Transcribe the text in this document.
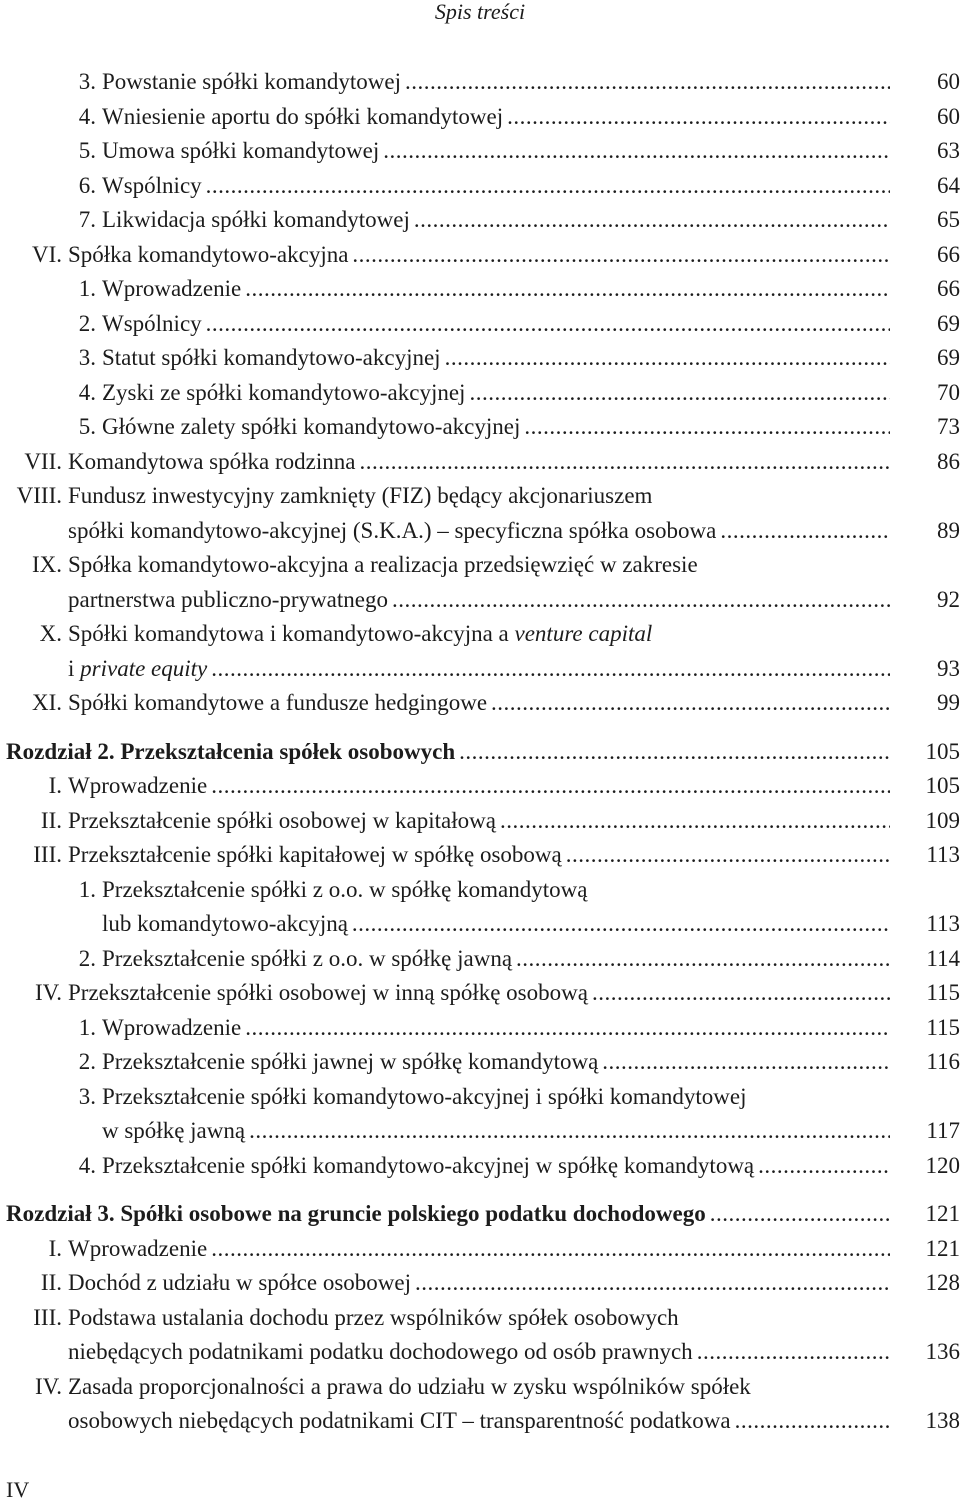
Spis treści
3. Powstanie spółki komandytowej .....	60
4. Wniesienie aportu do spółki komandytowej .....	60
5. Umowa spółki komandytowej .....	63
6. Wspólnicy .....	64
7. Likwidacja spółki komandytowej .....	65
VI. Spółka komandytowo-akcyjna .....	66
1. Wprowadzenie .....	66
2. Wspólnicy .....	69
3. Statut spółki komandytowo-akcyjnej .....	69
4. Zyski ze spółki komandytowo-akcyjnej .....	70
5. Główne zalety spółki komandytowo-akcyjnej .....	73
VII. Komandytowa spółka rodzinna .....	86
VIII. Fundusz inwestycyjny zamknięty (FIZ) będący akcjonariuszem
spółki komandytowo-akcyjnej (S.K.A.) – specyficzna spółka osobowa .....	89
IX. Spółka komandytowo-akcyjna a realizacja przedsięwzięć w zakresie
partnerstwa publiczno-prywatnego .....	92
X. Spółki komandytowa i komandytowo-akcyjna a venture capital
i private equity .....	93
XI. Spółki komandytowe a fundusze hedgingowe .....	99
Rozdział 2. Przekształcenia spółek osobowych .....	105
I. Wprowadzenie .....	105
II. Przekształcenie spółki osobowej w kapitałową .....	109
III. Przekształcenie spółki kapitałowej w spółkę osobową .....	113
1. Przekształcenie spółki z o.o. w spółkę komandytową
lub komandytowo-akcyjną .....	113
2. Przekształcenie spółki z o.o. w spółkę jawną .....	114
IV. Przekształcenie spółki osobowej w inną spółkę osobową .....	115
1. Wprowadzenie .....	115
2. Przekształcenie spółki jawnej w spółkę komandytową .....	116
3. Przekształcenie spółki komandytowo-akcyjnej i spółki komandytowej
w spółkę jawną .....	117
4. Przekształcenie spółki komandytowo-akcyjnej w spółkę komandytową .....	120
Rozdział 3. Spółki osobowe na gruncie polskiego podatku dochodowego .....	121
I. Wprowadzenie .....	121
II. Dochód z udziału w spółce osobowej .....	128
III. Podstawa ustalania dochodu przez wspólników spółek osobowych
niebędących podatnikami podatku dochodowego od osób prawnych .....	136
IV. Zasada proporcjonalności a prawa do udziału w zysku wspólników spółek
osobowych niebędących podatnikami CIT – transparentność podatkowa .....	138
IV
